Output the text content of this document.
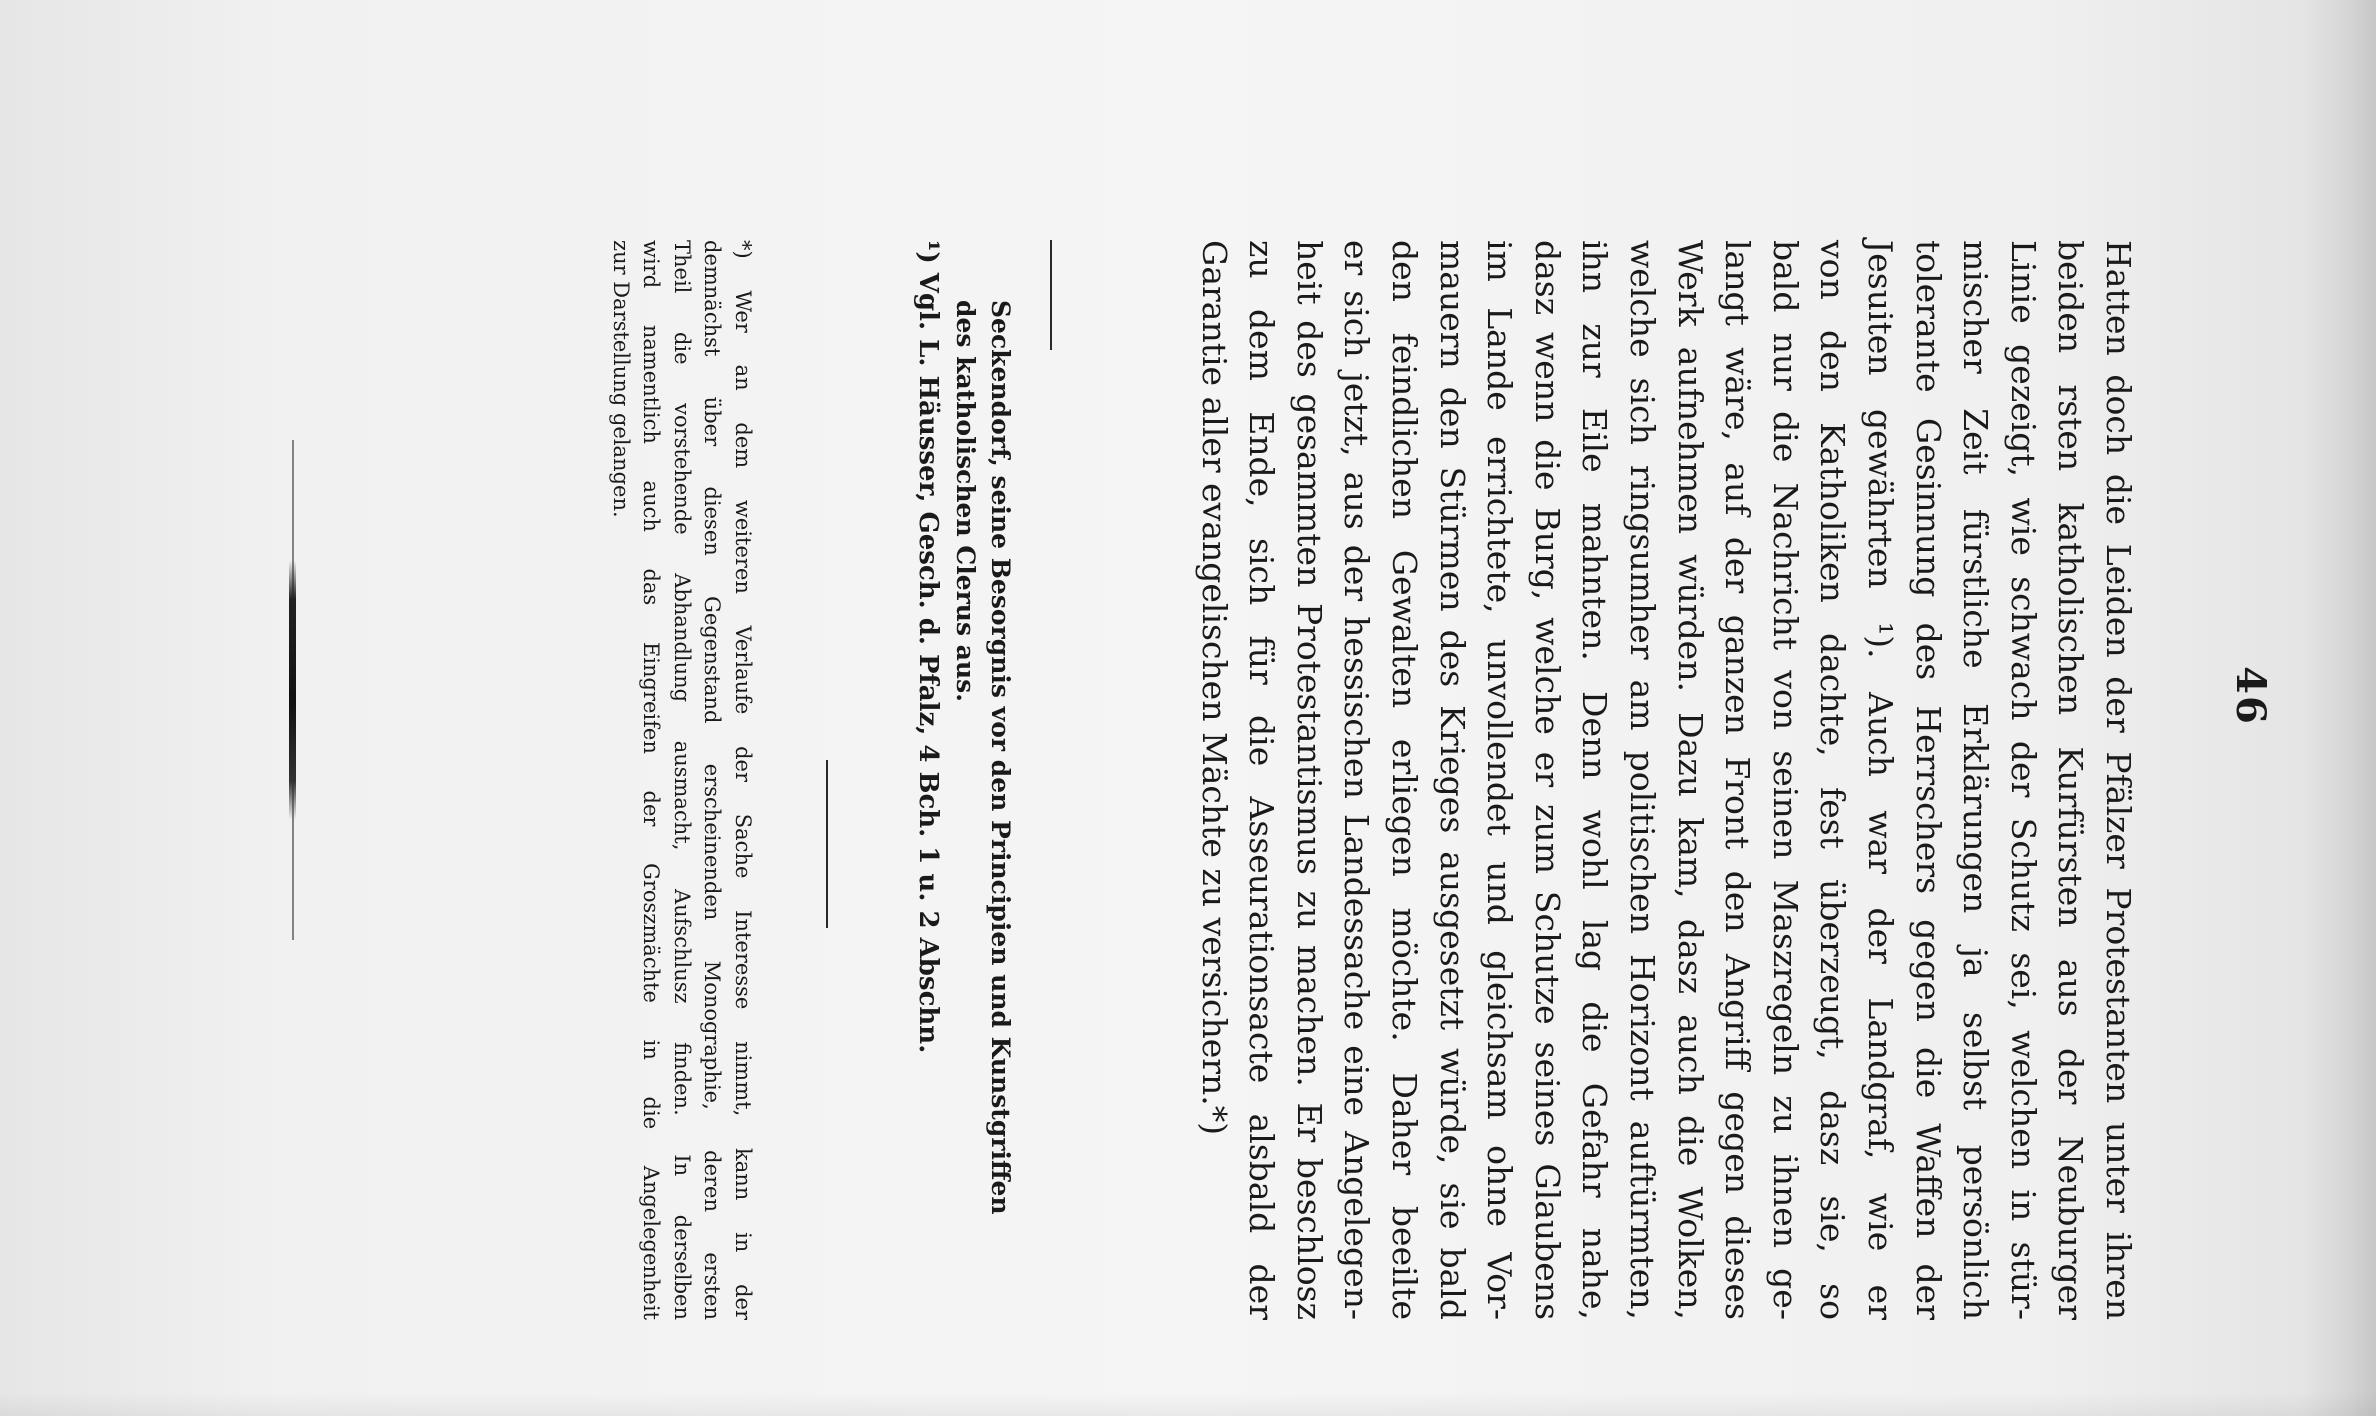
46
Hatten doch die Leiden der Pfälzer Protestanten unter ihren
beiden rsten katholischen Kurfürsten aus der Neuburger
Linie gezeigt, wie schwach der Schutz sei, welchen in stür-
mischer Zeit fürstliche Erklärungen ja selbst persönlich
tolerante Gesinnung des Herrschers gegen die Waffen der
Jesuiten gewährten ¹). Auch war der Landgraf, wie er
von den Katholiken dachte, fest überzeugt, dasz sie, so
bald nur die Nachricht von seinen Maszregeln zu ihnen ge-
langt wäre, auf der ganzen Front den Angriff gegen dieses
Werk aufnehmen würden. Dazu kam, dasz auch die Wolken,
welche sich ringsumher am politischen Horizont auftürmten,
ihn zur Eile mahnten. Denn wohl lag die Gefahr nahe,
dasz wenn die Burg, welche er zum Schutze seines Glaubens
im Lande errichtete, unvollendet und gleichsam ohne Vor-
mauern den Stürmen des Krieges ausgesetzt würde, sie bald
den feindlichen Gewalten erliegen möchte. Daher beeilte
er sich jetzt, aus der hessischen Landessache eine Angelegen-
heit des gesammten Protestantismus zu machen. Er beschlosz
zu dem Ende, sich für die Asseurationsacte alsbald der
Garantie aller evangelischen Mächte zu versichern.*)
Seckendorf, seine Besorgnis vor den Principien und Kunstgriffen
des katholischen Clerus aus.
¹) Vgl. L. Häusser, Gesch. d. Pfalz, 4 Bch. 1 u. 2 Abschn.
*) Wer an dem weiteren Verlaufe der Sache Interesse nimmt, kann in der
demnächst über diesen Gegenstand erscheinenden Monographie, deren ersten
Theil die vorstehende Abhandlung ausmacht, Aufschlusz finden. In derselben
wird namentlich auch das Eingreifen der Groszmächte in die Angelegenheit
zur Darstellung gelangen.
